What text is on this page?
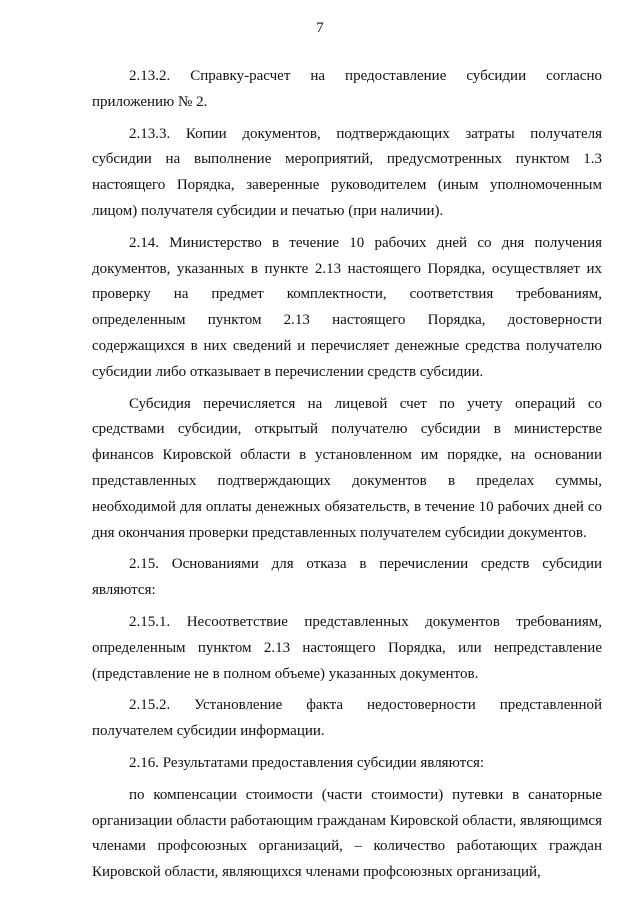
7

2.13.2. Справку-расчет на предоставление субсидии согласно приложению № 2.

2.13.3. Копии документов, подтверждающих затраты получателя субсидии на выполнение мероприятий, предусмотренных пунктом 1.3 настоящего Порядка, заверенные руководителем (иным уполномоченным лицом) получателя субсидии и печатью (при наличии).

2.14. Министерство в течение 10 рабочих дней со дня получения документов, указанных в пункте 2.13 настоящего Порядка, осуществляет их проверку на предмет комплектности, соответствия требованиям, определенным пунктом 2.13 настоящего Порядка, достоверности содержащихся в них сведений и перечисляет денежные средства получателю субсидии либо отказывает в перечислении средств субсидии.

Субсидия перечисляется на лицевой счет по учету операций со средствами субсидии, открытый получателю субсидии в министерстве финансов Кировской области в установленном им порядке, на основании представленных подтверждающих документов в пределах суммы, необходимой для оплаты денежных обязательств, в течение 10 рабочих дней со дня окончания проверки представленных получателем субсидии документов.

2.15. Основаниями для отказа в перечислении средств субсидии являются:

2.15.1. Несоответствие представленных документов требованиям, определенным пунктом 2.13 настоящего Порядка, или непредставление (представление не в полном объеме) указанных документов.

2.15.2. Установление факта недостоверности представленной получателем субсидии информации.

2.16. Результатами предоставления субсидии являются:

по компенсации стоимости (части стоимости) путевки в санаторные организации области работающим гражданам Кировской области, являющимся членами профсоюзных организаций, – количество работающих граждан Кировской области, являющихся членами профсоюзных организаций,
